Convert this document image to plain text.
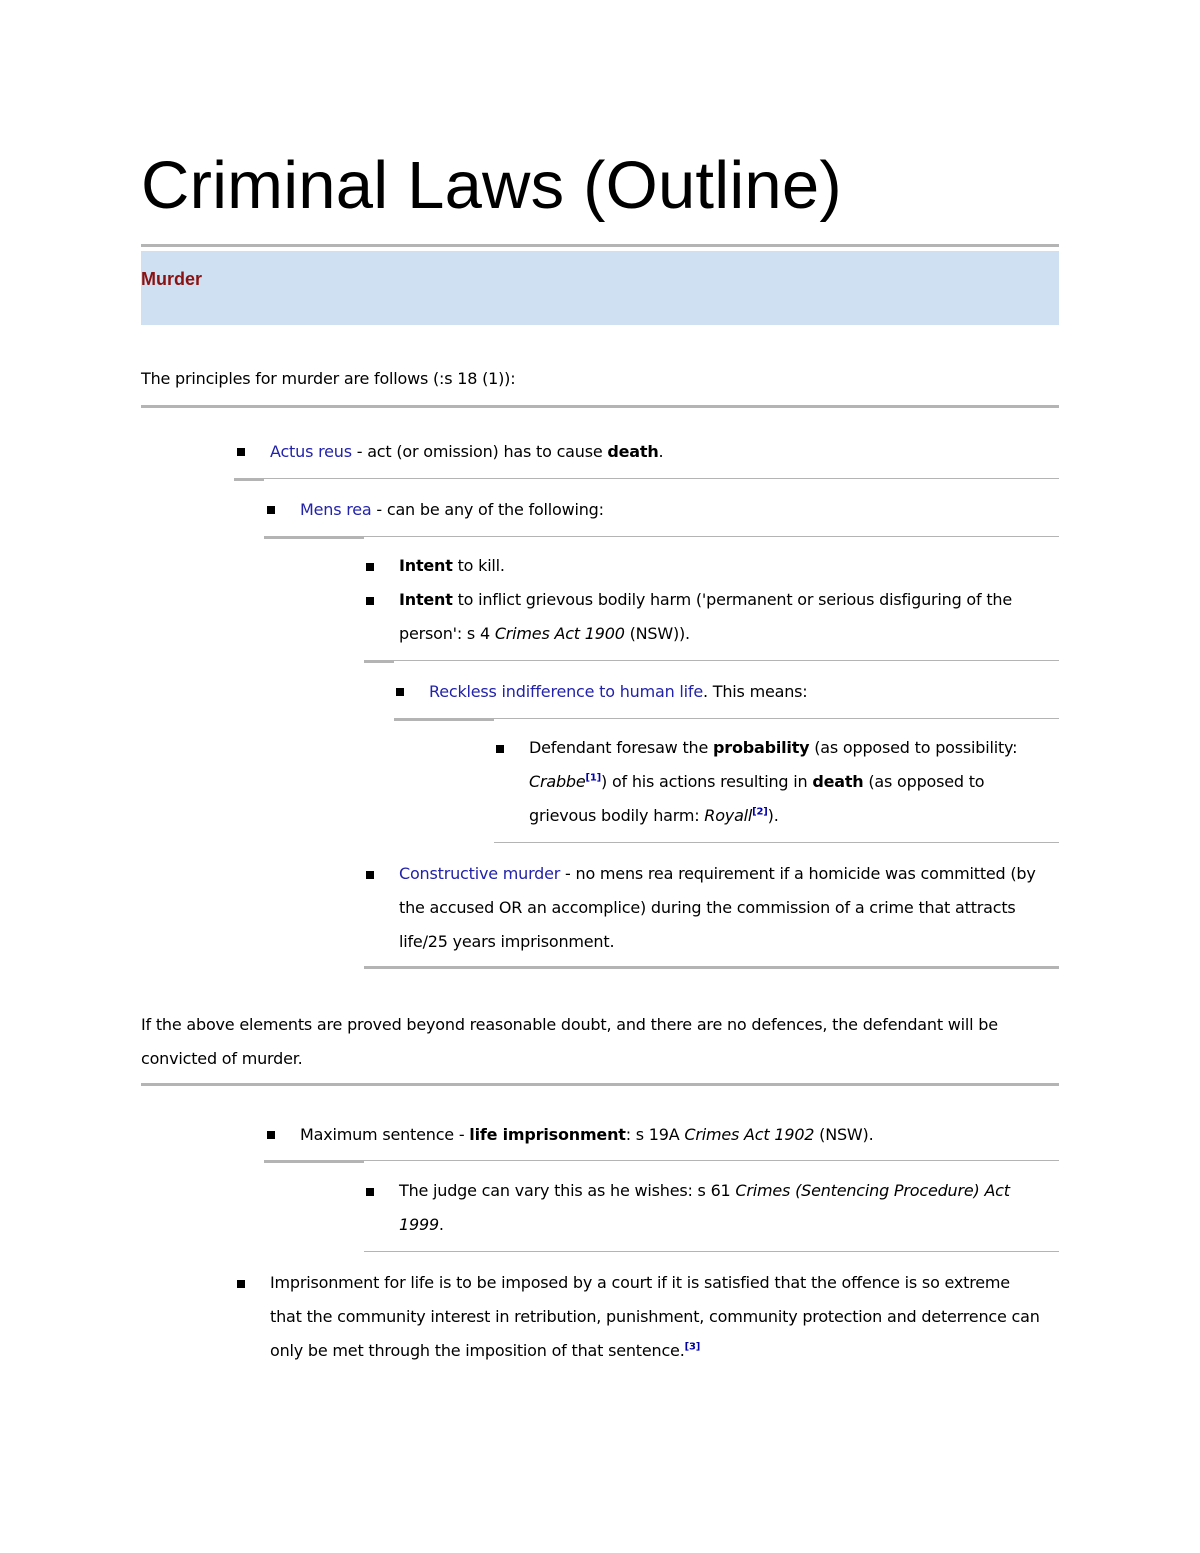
Criminal Laws (Outline)
Murder
The principles for murder are follows (:s 18 (1)):
Actus reus - act (or omission) has to cause death.
Mens rea - can be any of the following:
Intent to kill.
Intent to inflict grievous bodily harm ('permanent or serious disfiguring of the person': s 4 Crimes Act 1900 (NSW)).
Reckless indifference to human life. This means:
Defendant foresaw the probability (as opposed to possibility: Crabbe[1]) of his actions resulting in death (as opposed to grievous bodily harm: Royall[2]).
Constructive murder - no mens rea requirement if a homicide was committed (by the accused OR an accomplice) during the commission of a crime that attracts life/25 years imprisonment.
If the above elements are proved beyond reasonable doubt, and there are no defences, the defendant will be convicted of murder.
Maximum sentence - life imprisonment: s 19A Crimes Act 1902 (NSW).
The judge can vary this as he wishes: s 61 Crimes (Sentencing Procedure) Act 1999.
Imprisonment for life is to be imposed by a court if it is satisfied that the offence is so extreme that the community interest in retribution, punishment, community protection and deterrence can only be met through the imposition of that sentence.[3]
